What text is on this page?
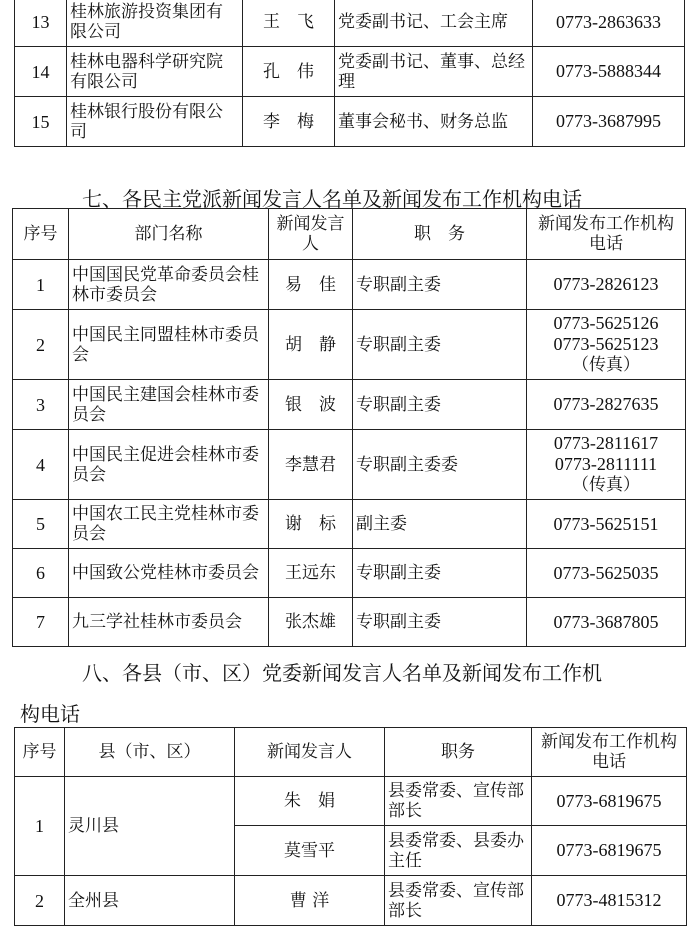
13	桂林旅游投资集团有限公司	王　飞	党委副书记、工会主席	0773-2863633
14	桂林电器科学研究院有限公司	孔　伟	党委副书记、董事、总经理	0773-5888344
15	桂林银行股份有限公司	李　梅	董事会秘书、财务总监	0773-3687995
七、各民主党派新闻发言人名单及新闻发布工作机构电话
序号	部门名称	新闻发言人	职　务	新闻发布工作机构电话
1	中国国民党革命委员会桂林市委员会	易　佳	专职副主委	0773-2826123

2	中国民主同盟桂林市委员会	胡　静	专职副主委	0773-5625126
0773-5625123
（传真）

3	中国民主建国会桂林市委员会	银　波	专职副主委	0773-2827635

4	中国民主促进会桂林市委员会	李慧君	专职副主委委	0773-2811617
0773-2811111
（传真）

5	中国农工民主党桂林市委员会	谢　标	副主委	0773-5625151

6	中国致公党桂林市委员会	王远东	专职副主委	0773-5625035

7	九三学社桂林市委员会	张杰雄	专职副主委	0773-3687805
八、各县（市、区）党委新闻发言人名单及新闻发布工作机
构电话
序号	县（市、区）	新闻发言人	职务	新闻发布工作机构电话
1	灵川县	朱　娟	县委常委、宣传部部长	0773-6819675
		莫雪平	县委常委、县委办主任	0773-6819675
2	全州县	曹 洋	县委常委、宣传部部长	0773-4815312
